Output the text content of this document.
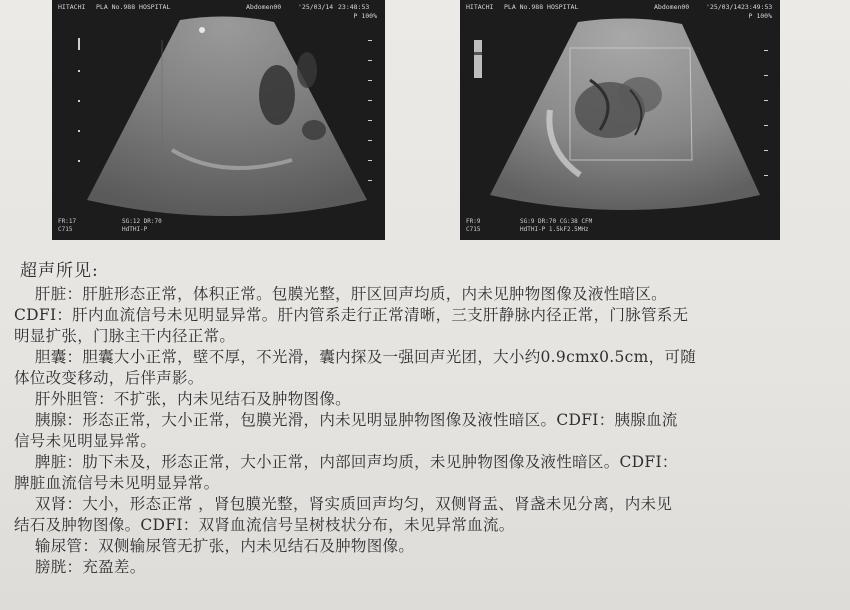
HITACHI PLA No.988 HOSPITAL	Abdomen00	'25/03/14 23:48:53
P 100%
FR:17
C715
SG:12 DR:70
HdTHI-P
HITACHI PLA No.988 HOSPITAL	Abdomen00	'25/03/14 23:49:53
P 100%
FR:9
C715
SG:9 DR:70 CG:38 CFM
HdTHI-P 1.5kF2.5MHz
超声所见:
肝脏：肝脏形态正常，体积正常。包膜光整，肝区回声均质，内未见肿物图像及液性暗区。
CDFI：肝内血流信号未见明显异常。肝内管系走行正常清晰，三支肝静脉内径正常，门脉管系无
明显扩张，门脉主干内径正常。
胆囊：胆囊大小正常，壁不厚，不光滑，囊内探及一强回声光团，大小约0.9cmx0.5cm，可随
体位改变移动，后伴声影。
肝外胆管：不扩张，内未见结石及肿物图像。
胰腺：形态正常，大小正常，包膜光滑，内未见明显肿物图像及液性暗区。CDFI：胰腺血流
信号未见明显异常。
脾脏：肋下未及，形态正常，大小正常，内部回声均质，未见肿物图像及液性暗区。CDFI：
脾脏血流信号未见明显异常。
双肾：大小，形态正常 ，肾包膜光整，肾实质回声均匀，双侧肾盂、肾盏未见分离，内未见
结石及肿物图像。CDFI：双肾血流信号呈树枝状分布，未见异常血流。
输尿管：双侧输尿管无扩张，内未见结石及肿物图像。
膀胱：充盈差。
